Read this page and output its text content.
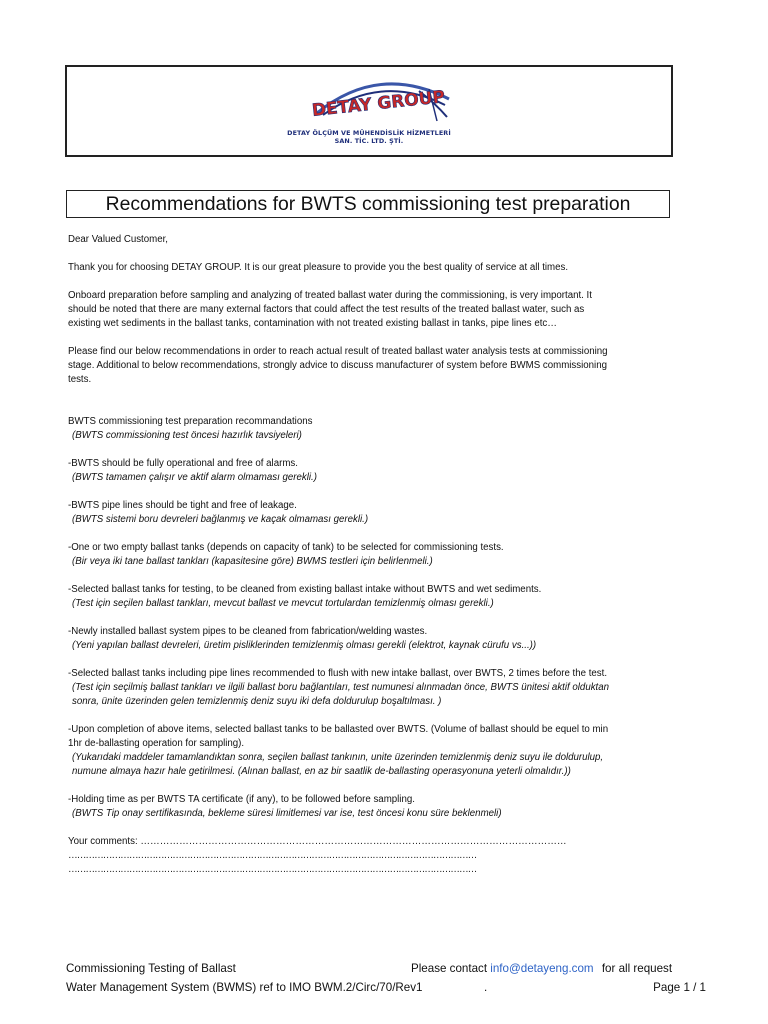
DETAY GROUP
DETAY ÖLÇÜM VE MÜHENDİSLİK HİZMETLERİ
SAN. TİC. LTD. ŞTİ.
Recommendations for BWTS commissioning test preparation
Dear Valued Customer,
Thank you for choosing DETAY GROUP. It is our great pleasure to provide you the best quality of service at all times.
Onboard preparation before sampling and analyzing of treated ballast water during the commissioning, is very important. It
should be noted that there are many external factors that could affect the test results of the treated ballast water, such as
existing wet sediments in the ballast tanks, contamination with not treated existing ballast in tanks, pipe lines etc…
Please find our below recommendations in order to reach actual result of treated ballast water analysis tests at commissioning
stage. Additional to below recommendations, strongly advice to discuss manufacturer of system before BWMS commissioning
tests.
BWTS commissioning test preparation recommandations
(BWTS commissioning test öncesi hazırlık tavsiyeleri)
-BWTS should be fully operational and free of alarms.
(BWTS tamamen çalışır ve aktif alarm olmaması gerekli.)
-BWTS pipe lines should be tight and free of leakage.
(BWTS sistemi boru devreleri bağlanmış ve kaçak olmaması gerekli.)
-One or two empty ballast tanks (depends on capacity of tank) to be selected for commissioning tests.
(Bir veya iki tane ballast tankları (kapasitesine göre) BWMS testleri için belirlenmeli.)
-Selected ballast tanks for testing, to be cleaned from existing ballast intake without BWTS and wet sediments.
(Test için seçilen ballast tankları, mevcut ballast ve mevcut tortulardan temizlenmiş olması gerekli.)
-Newly installed ballast system pipes to be cleaned from fabrication/welding wastes.
(Yeni yapılan ballast devreleri, üretim pisliklerinden temizlenmiş olması gerekli (elektrot, kaynak cürufu vs...))
-Selected ballast tanks including pipe lines recommended to flush with new intake ballast, over BWTS, 2 times before the test.
(Test için seçilmiş ballast tankları ve ilgili ballast boru bağlantıları, test numunesi alınmadan önce, BWTS ünitesi aktif olduktan
sonra, ünite üzerinden gelen temizlenmiş deniz suyu iki defa doldurulup boşaltılması. )
-Upon completion of above items, selected ballast tanks to be ballasted over BWTS. (Volume of ballast should be equel to min
1hr de-ballasting operation for sampling).
(Yukarıdaki maddeler tamamlandıktan sonra, seçilen ballast tankının, unite üzerinden temizlenmiş deniz suyu ile doldurulup,
numune almaya hazır hale getirilmesi. (Alınan ballast, en az bir saatlik de-ballasting operasyonuna yeterli olmalıdır.))
-Holding time as per BWTS TA certificate (if any), to be followed before sampling.
(BWTS Tip onay sertifikasında, bekleme süresi limitlemesi var ise, test öncesi konu süre beklenmeli)
Your comments: ……………………………………………………………………………………………………………………
……………………………………………………………………………………………………………………………
……………………………………………………………………………………………………………………………
Commissioning Testing of Ballast
Water Management System (BWMS) ref to IMO BWM.2/Circ/70/Rev1	.
Please contact info@detayeng.com for all request
Page 1 / 1
